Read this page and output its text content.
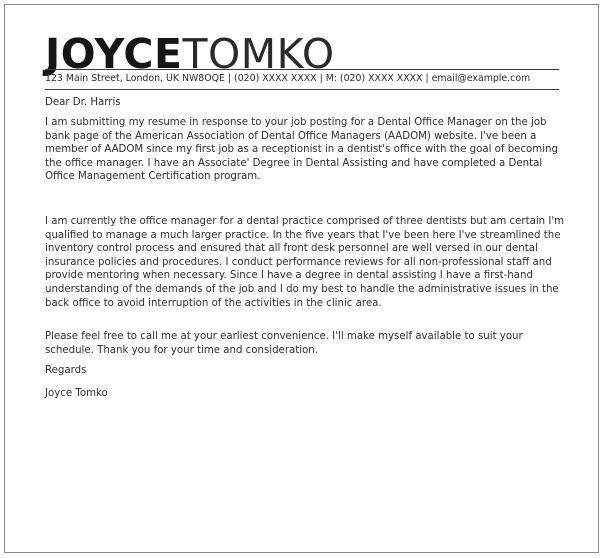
JOYCETOMKO
123 Main Street, London, UK NW8OQE | (020) XXXX XXXX | M: (020) XXXX XXXX | email@example.com

Dear Dr. Harris

I am submitting my resume in response to your job posting for a Dental Office Manager on the job bank page of the American Association of Dental Office Managers (AADOM) website. I've been a member of AADOM since my first job as a receptionist in a dentist's office with the goal of becoming the office manager. I have an Associate' Degree in Dental Assisting and have completed a Dental Office Management Certification program.

I am currently the office manager for a dental practice comprised of three dentists but am certain I'm qualified to manage a much larger practice. In the five years that I've been here I've streamlined the inventory control process and ensured that all front desk personnel are well versed in our dental insurance policies and procedures. I conduct performance reviews for all non-professional staff and provide mentoring when necessary. Since I have a degree in dental assisting I have a first-hand understanding of the demands of the job and I do my best to handle the administrative issues in the back office to avoid interruption of the activities in the clinic area.

Please feel free to call me at your earliest convenience. I'll make myself available to suit your schedule. Thank you for your time and consideration.

Regards

Joyce Tomko
